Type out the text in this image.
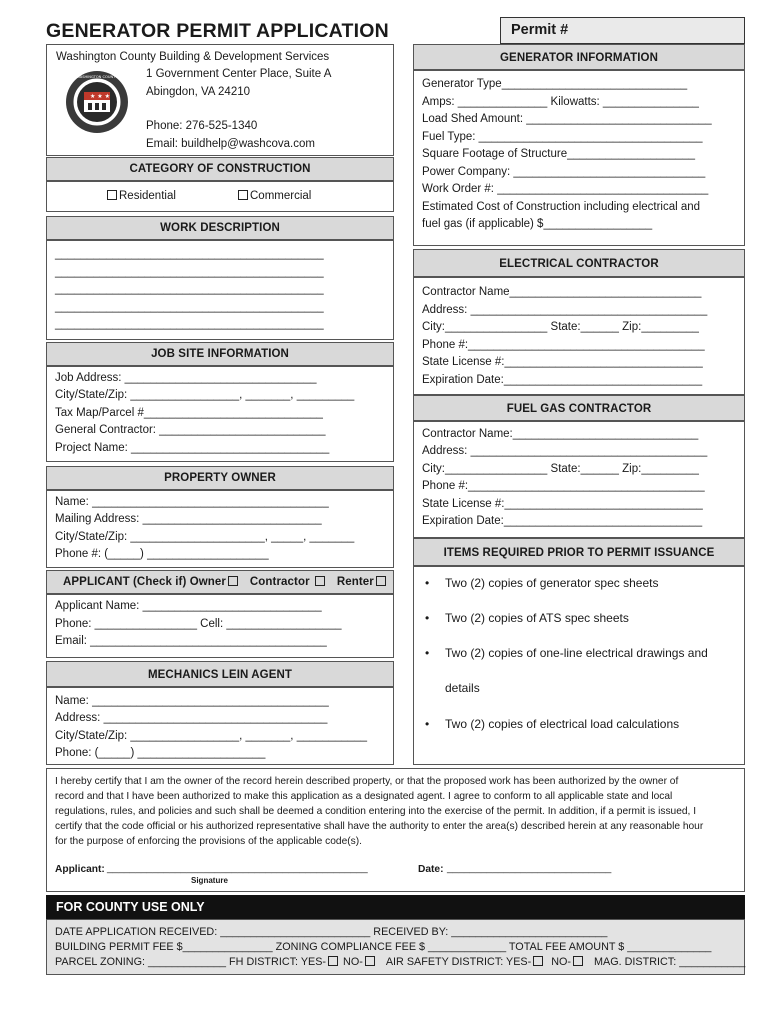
GENERATOR PERMIT APPLICATION	Permit #
Washington County Building & Development Services
1 Government Center Place, Suite A
Abingdon, VA 24210
Phone: 276-525-1340
Email: buildhelp@washcova.com
★ ★ ★
WASHINGTON COUNTY
CATEGORY OF CONSTRUCTION
Residential	Commercial
WORK DESCRIPTION
__________________________________________
__________________________________________
__________________________________________
__________________________________________
__________________________________________
JOB SITE INFORMATION
Job Address: ______________________________
City/State/Zip: _________________, _______, _________
Tax Map/Parcel #____________________________
General Contractor: __________________________
Project Name: _______________________________
PROPERTY OWNER
Name: _____________________________________
Mailing Address: ____________________________
City/State/Zip: _____________________, _____, _______
Phone #: (_____) ___________________
APPLICANT (Check if) Owner Contractor Renter
Applicant Name: ____________________________
Phone: ________________ Cell: __________________
Email: _____________________________________
MECHANICS LEIN AGENT
Name: _____________________________________
Address: ___________________________________
City/State/Zip: _________________, _______, ___________
Phone: (_____) ____________________
GENERATOR INFORMATION
Generator Type_____________________________
Amps: ______________ Kilowatts: _______________
Load Shed Amount: _____________________________
Fuel Type: ___________________________________
Square Footage of Structure____________________
Power Company: ______________________________
Work Order #: _________________________________
Estimated Cost of Construction including electrical and
fuel gas (if applicable) $_________________
ELECTRICAL CONTRACTOR
Contractor Name______________________________
Address: _____________________________________
City:________________ State:______ Zip:_________
Phone #:_____________________________________
State License #:_______________________________
Expiration Date:_______________________________
FUEL GAS CONTRACTOR
Contractor Name:_____________________________
Address: _____________________________________
City:________________ State:______ Zip:_________
Phone #:_____________________________________
State License #:_______________________________
Expiration Date:_______________________________
ITEMS REQUIRED PRIOR TO PERMIT ISSUANCE
• Two (2) copies of generator spec sheets
• Two (2) copies of ATS spec sheets
• Two (2) copies of one-line electrical drawings and
details
• Two (2) copies of electrical load calculations
I hereby certify that I am the owner of the record herein described property, or that the proposed work has been authorized by the owner of
record and that I have been authorized to make this application as a designated agent. I agree to conform to all applicable state and local
regulations, rules, and policies and such shall be deemed a condition entering into the exercise of the permit. In addition, if a permit is issued, I
certify that the code official or his authorized representative shall have the authority to enter the area(s) described herein at any reasonable hour
for the purpose of enforcing the provisions of the applicable code(s).
Applicant: ______________________________________________
Signature
Date: _____________________________
FOR COUNTY USE ONLY
DATE APPLICATION RECEIVED: _________________________ RECEIVED BY: __________________________
BUILDING PERMIT FEE $_______________ ZONING COMPLIANCE FEE $ _____________ TOTAL FEE AMOUNT $ ______________
PARCEL ZONING: _____________ FH DISTRICT: YES- NO- AIR SAFETY DISTRICT: YES- NO- MAG. DISTRICT: ___________
